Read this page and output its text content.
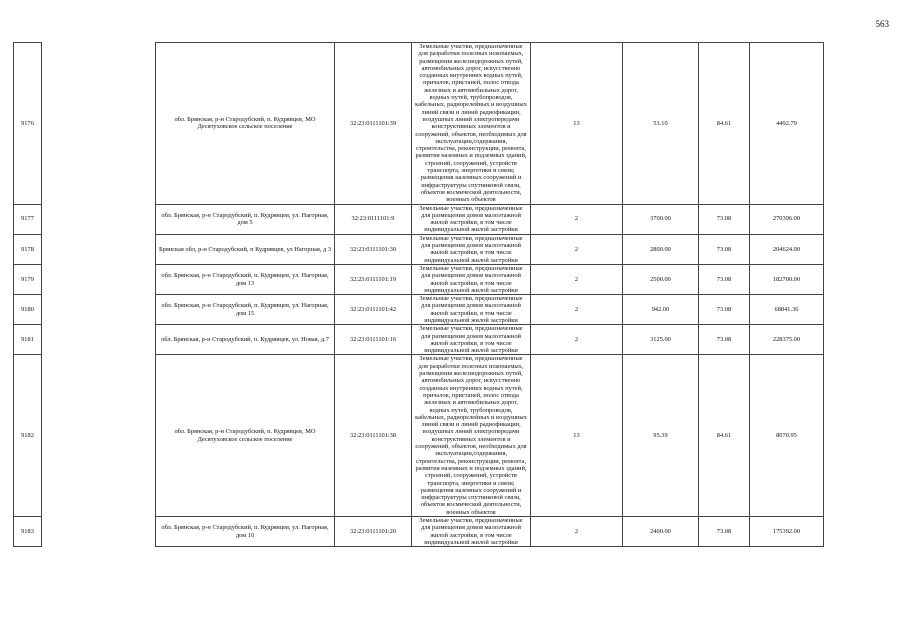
563
9176		обл. Брянская, р-н Стародубский, п. Кудрявцев, МО Десятуховское сельское поселение	32:23:0111101:39	Земельные участки, предназначенные для разработки полезных ископаемых, размещения железнодорожных путей, автомобильных дорог, искусственно созданных внутренних водных путей, причалов, пристаней, полос отвода железных и автомобильных дорог, водных путей, трубопроводов, кабельных, радиорелейных и воздушных линий связи и линий радиофикации, воздушных линий электропередачи конструктивных элементов и сооружений, объектов, необходимых для эксплуатации,содержания, строительства, реконструкции, ремонта, развития наземных и подземных зданий, строений, сооружений, устройств транспорта, энергетики и связи; размещения наземных сооружений и инфраструктуры спутниковой связи, объектов космической деятельности, военных объектов	13	53.10	84.61	4492.79
9177		обл. Брянская, р-н Стародубский, п. Кудрявцев, ул. Нагорная, дом 5	32:23:0111101:9	Земельные участки, предназначенные для размещения домов малоэтажной жилой застройки, в том числе индивидуальной жилой застройки	2	3700.00	73.08	270396.00
9178		Брянская обл, р-н Стародубский, п Кудрявцев, ул Нагорная, д 3	32:23:0111101:30	Земельные участки, предназначенные для размещения домов малоэтажной жилой застройки, в том числе индивидуальной жилой застройки	2	2800.00	73.08	204624.00
9179		обл. Брянская, р-н Стародубский, п. Кудрявцев, ул. Нагорная, дом 13	32:23:0111101:19	Земельные участки, предназначенные для размещения домов малоэтажной жилой застройки, в том числе индивидуальной жилой застройки	2	2500.00	73.08	182700.00
9180		обл. Брянская, р-н Стародубский, п. Кудрявцев, ул. Нагорная, дом 15	32:23:0111101:42	Земельные участки, предназначенные для размещения домов малоэтажной жилой застройки, в том числе индивидуальной жилой застройки	2	942.00	73.08	68841.36
9181		обл. Брянская, р-н Стародубский, п. Кудрявцев, ул. Новая, д.7	32:23:0111101:16	Земельные участки, предназначенные для размещения домов малоэтажной жилой застройки, в том числе индивидуальной жилой застройки	2	3125.00	73.08	228375.00
9182		обл. Брянская, р-н Стародубский, п. Кудрявцев, МО Десятуховское сельское поселение	32:23:0111101:38	Земельные участки, предназначенные для разработки полезных ископаемых, размещения железнодорожных путей, автомобильных дорог, искусственно созданных внутренних водных путей, причалов, пристаней, полос отвода железных и автомобильных дорог, водных путей, трубопроводов, кабельных, радиорелейных и воздушных линий связи и линий радиофикации, воздушных линий электропередачи конструктивных элементов и сооружений, объектов, необходимых для эксплуатации,содержания, строительства, реконструкции, ремонта, развития наземных и подземных зданий, строений, сооружений, устройств транспорта, энергетики и связи; размещения наземных сооружений и инфраструктуры спутниковой связи, объектов космической деятельности, военных объектов	13	95.39	84.61	8070.95
9183		обл. Брянская, р-н Стародубский, п. Кудрявцев, ул. Нагорная, дом 10	32:23:0111101:20	Земельные участки, предназначенные для размещения домов малоэтажной жилой застройки, в том числе индивидуальной жилой застройки	2	2400.00	73.08	175392.00
